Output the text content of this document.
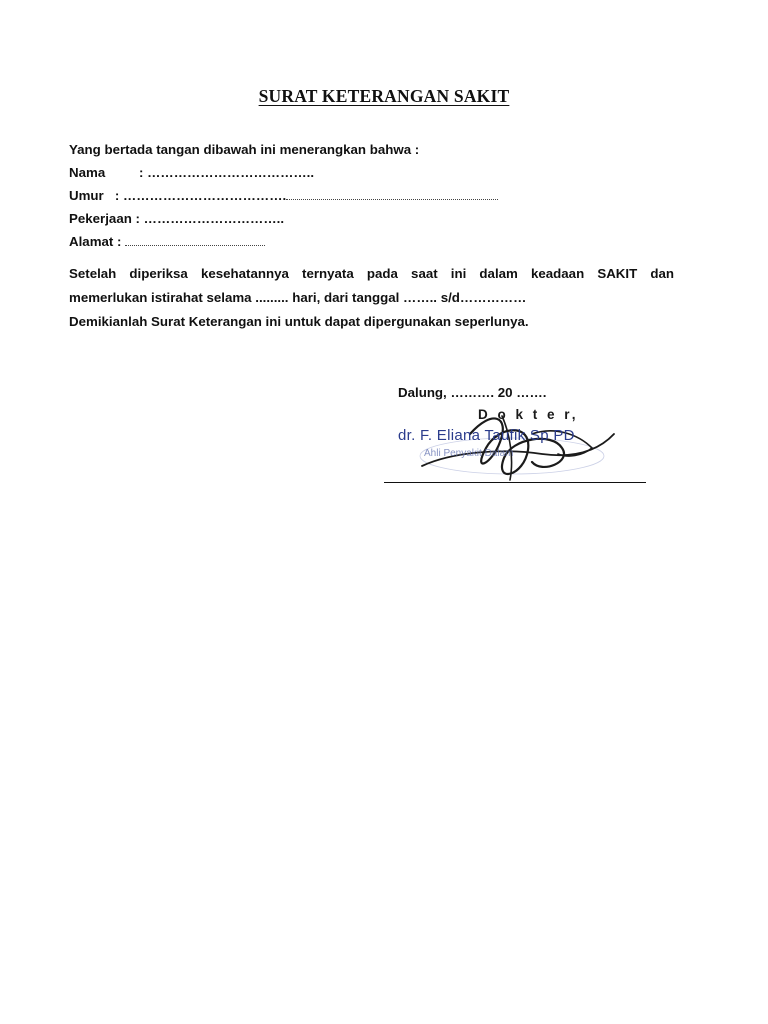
SURAT KETERANGAN SAKIT
Yang bertada tangan dibawah ini menerangkan bahwa :
Nama	: ………………………………..
Umur : ……………………………….
Pekerjaan : …………………………..
Alamat :
Setelah diperiksa kesehatannya ternyata pada saat ini dalam keadaan SAKIT dan
memerlukan istirahat selama ......... hari, dari tanggal …….. s/d……………
Demikianlah Surat Keterangan ini untuk dapat dipergunakan seperlunya.
Dalung, ………. 20 …….
D o k t e r,
dr. F. Eliana Taufik Sp PD
Ahli Penyakit Dalam
